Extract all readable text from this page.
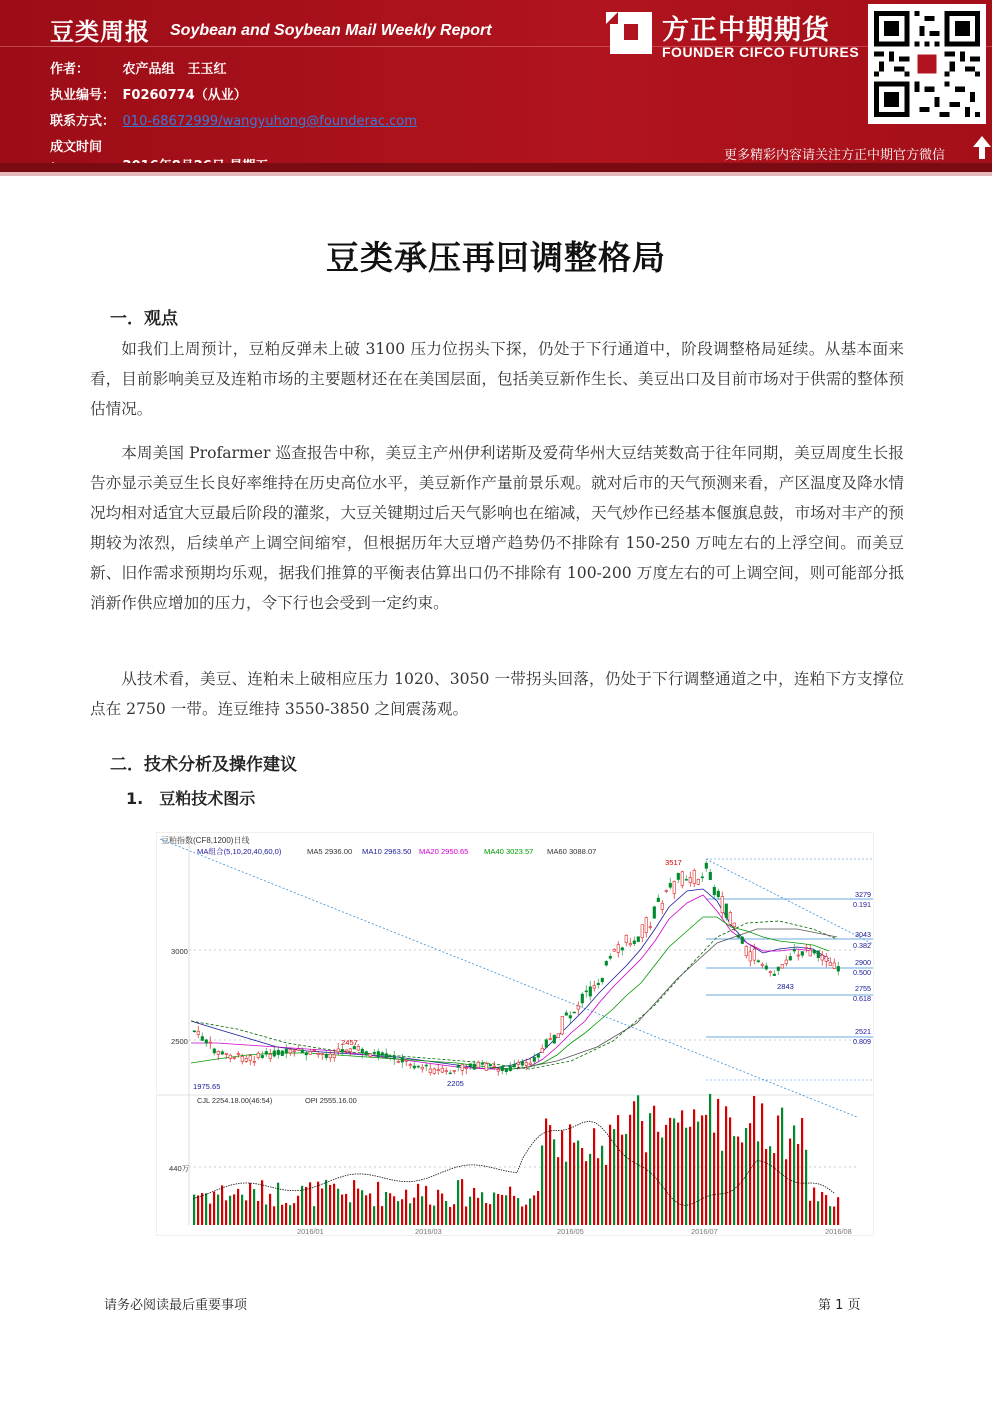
豆类周报 Soybean and Soybean Mail Weekly Report
作者：	农产品组　王玉红
执业编号： F0260774（从业）
联系方式： 010-68672999/wangyuhong@founderac.com
成文时间
方正中期期货
FOUNDER CIFCO FUTURES
更多精彩内容请关注方正中期官方微信
豆类承压再回调整格局
一．观点
如我们上周预计，豆粕反弹未上破 3100 压力位拐头下探，仍处于下行通道中，阶段调整格局延续。从基本面来看，目前影响美豆及连粕市场的主要题材还在在美国层面，包括美豆新作生长、美豆出口及目前市场对于供需的整体预估情况。
本周美国 Profarmer 巡查报告中称，美豆主产州伊利诺斯及爱荷华州大豆结荚数高于往年同期，美豆周度生长报告亦显示美豆生长良好率维持在历史高位水平，美豆新作产量前景乐观。就对后市的天气预测来看，产区温度及降水情况均相对适宜大豆最后阶段的灌浆，大豆关键期过后天气影响也在缩减，天气炒作已经基本偃旗息鼓，市场对丰产的预期较为浓烈，后续单产上调空间缩窄，但根据历年大豆增产趋势仍不排除有 150-250 万吨左右的上浮空间。而美豆新、旧作需求预期均乐观，据我们推算的平衡表估算出口仍不排除有 100-200 万度左右的可上调空间，则可能部分抵消新作供应增加的压力，令下行也会受到一定约束。
从技术看，美豆、连粕未上破相应压力 1020、3050 一带拐头回落，仍处于下行调整通道之中，连粕下方支撑位点在 2750 一带。连豆维持 3550-3850 之间震荡观。
二．技术分析及操作建议
1.　豆粕技术图示
豆粕指数(CF8,1200)日线
MA组合(5,10,20,40,60,0)	MA5 2936.00 MA10 2963.50 MA20 2950.65 MA40 3023.57 MA60 3088.07
3000
2500
440万
3517
2457
1975.65	2205
2843
3279
0.191
3043
0.382
2900
0.500
2755
0.618
2521
0.809
CJL 2254.18.00(46:54)	OPI 2555.16.00
2016/01	2016/03	2016/05	2016/07	2016/08
请务必阅读最后重要事项	第 1 页
